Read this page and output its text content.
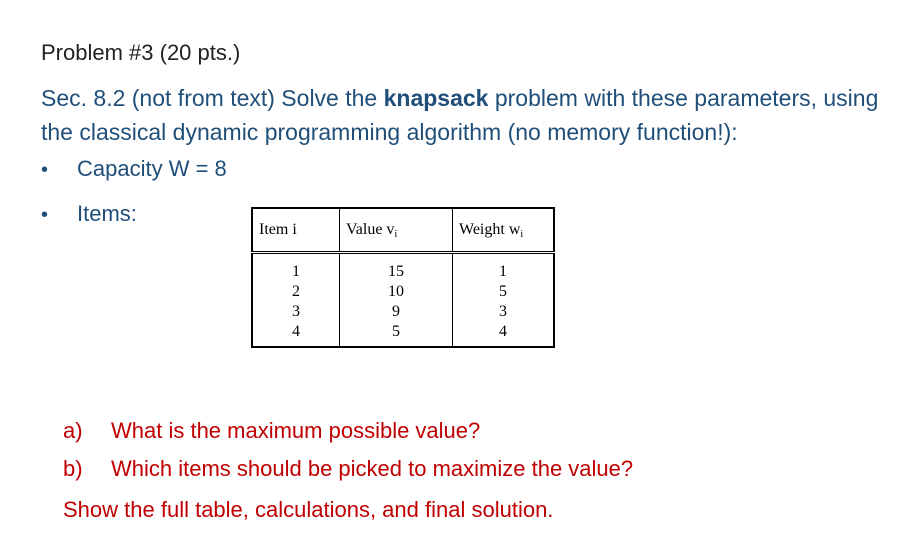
Problem #3 (20 pts.)
Sec. 8.2 (not from text) Solve the knapsack problem with these parameters, using the classical dynamic programming algorithm (no memory function!):
• Capacity W = 8
• Items:
Item i	Value $v_i$	Weight $w_i$
1	15	1
2	10	5
3	9	3
4	5	4
a) What is the maximum possible value?
b) Which items should be picked to maximize the value?
Show the full table, calculations, and final solution.
